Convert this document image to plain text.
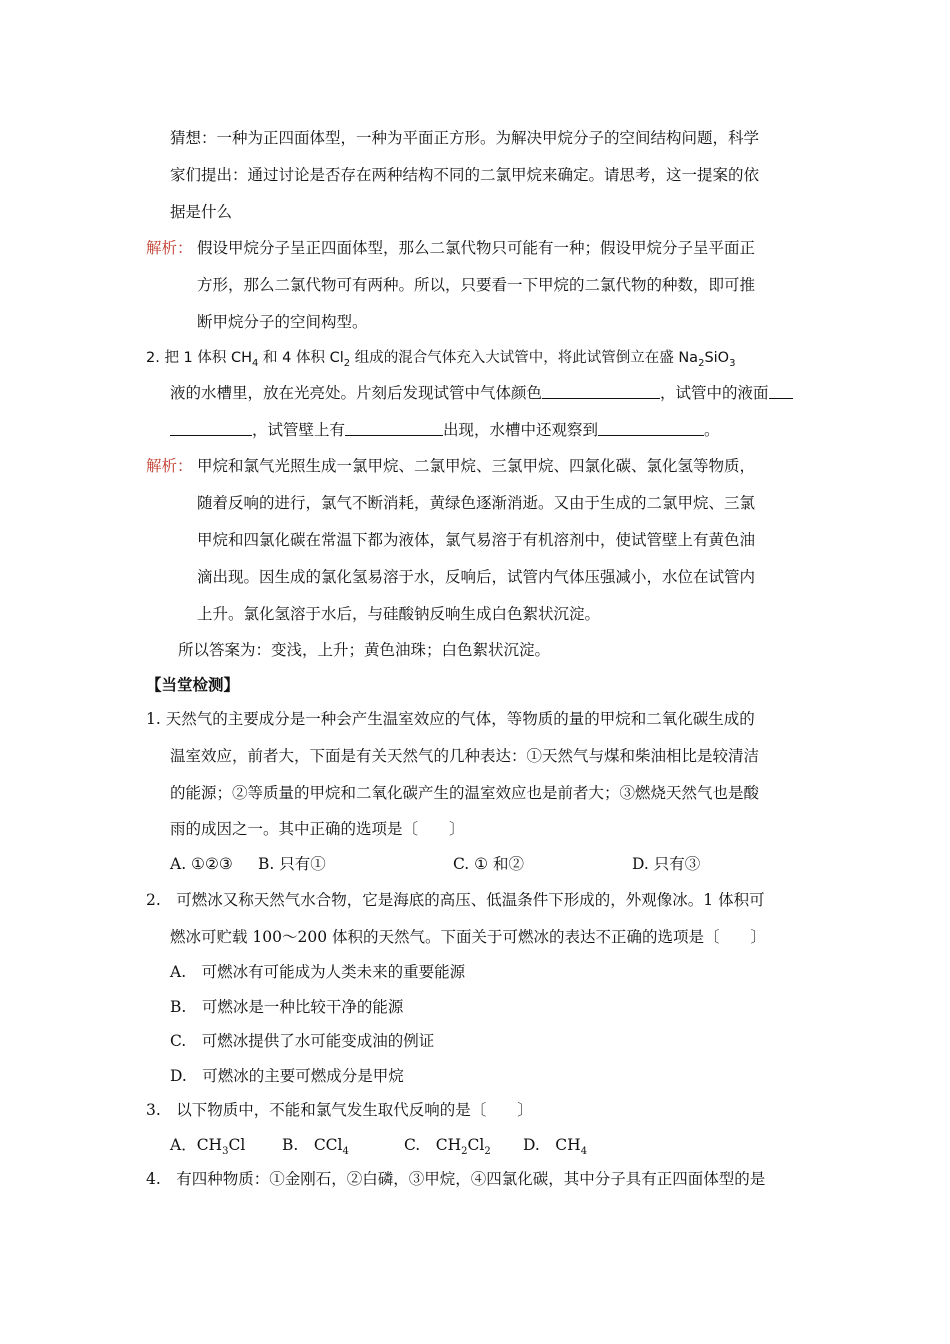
猜想：一种为正四面体型，一种为平面正方形。为解决甲烷分子的空间结构问题，科学
家们提出：通过讨论是否存在两种结构不同的二氯甲烷来确定。请思考，这一提案的依
据是什么
解析： 假设甲烷分子呈正四面体型，那么二氯代物只可能有一种；假设甲烷分子呈平面正
方形，那么二氯代物可有两种。所以，只要看一下甲烷的二氯代物的种数，即可推
断甲烷分子的空间构型。
2. 把 1 体积 $CH_4$ 和 4 体积 $Cl_2$ 组成的混合气体充入大试管中，将此试管倒立在盛 $Na_2SiO_3$
液的水槽里，放在光亮处。片刻后发现试管中气体颜色	，试管中的液面
，试管壁上有	出现，水槽中还观察到	。
解析： 甲烷和氯气光照生成一氯甲烷、二氯甲烷、三氯甲烷、四氯化碳、氯化氢等物质，
随着反响的进行，氯气不断消耗，黄绿色逐渐消逝。又由于生成的二氯甲烷、三氯
甲烷和四氯化碳在常温下都为液体，氯气易溶于有机溶剂中，使试管壁上有黄色油
滴出现。因生成的氯化氢易溶于水，反响后，试管内气体压强减小，水位在试管内
上升。氯化氢溶于水后，与硅酸钠反响生成白色絮状沉淀。
所以答案为：变浅，上升；黄色油珠；白色絮状沉淀。
【当堂检测】
1. 天然气的主要成分是一种会产生温室效应的气体，等物质的量的甲烷和二氧化碳生成的
温室效应，前者大，下面是有关天然气的几种表达：①天然气与煤和柴油相比是较清洁
的能源；②等质量的甲烷和二氧化碳产生的温室效应也是前者大；③燃烧天然气也是酸
雨的成因之一。其中正确的选项是〔　　〕
A. ①②③ B. 只有①	C. ① 和②	D. 只有③
2.　可燃冰又称天然气水合物，它是海底的高压、低温条件下形成的，外观像冰。1 体积可
燃冰可贮载 100～200 体积的天然气。下面关于可燃冰的表达不正确的选项是〔　　〕
A.　可燃冰有可能成为人类未来的重要能源
B.　可燃冰是一种比较干净的能源
C.　可燃冰提供了水可能变成油的例证
D.　可燃冰的主要可燃成分是甲烷
3.　以下物质中，不能和氯气发生取代反响的是〔　　〕
A．$CH_3Cl$ B.　CCl$_4$	C.　$CH_2Cl_2$ D.　$CH_4$
4.　有四种物质：①金刚石，②白磷，③甲烷，④四氯化碳，其中分子具有正四面体型的是
